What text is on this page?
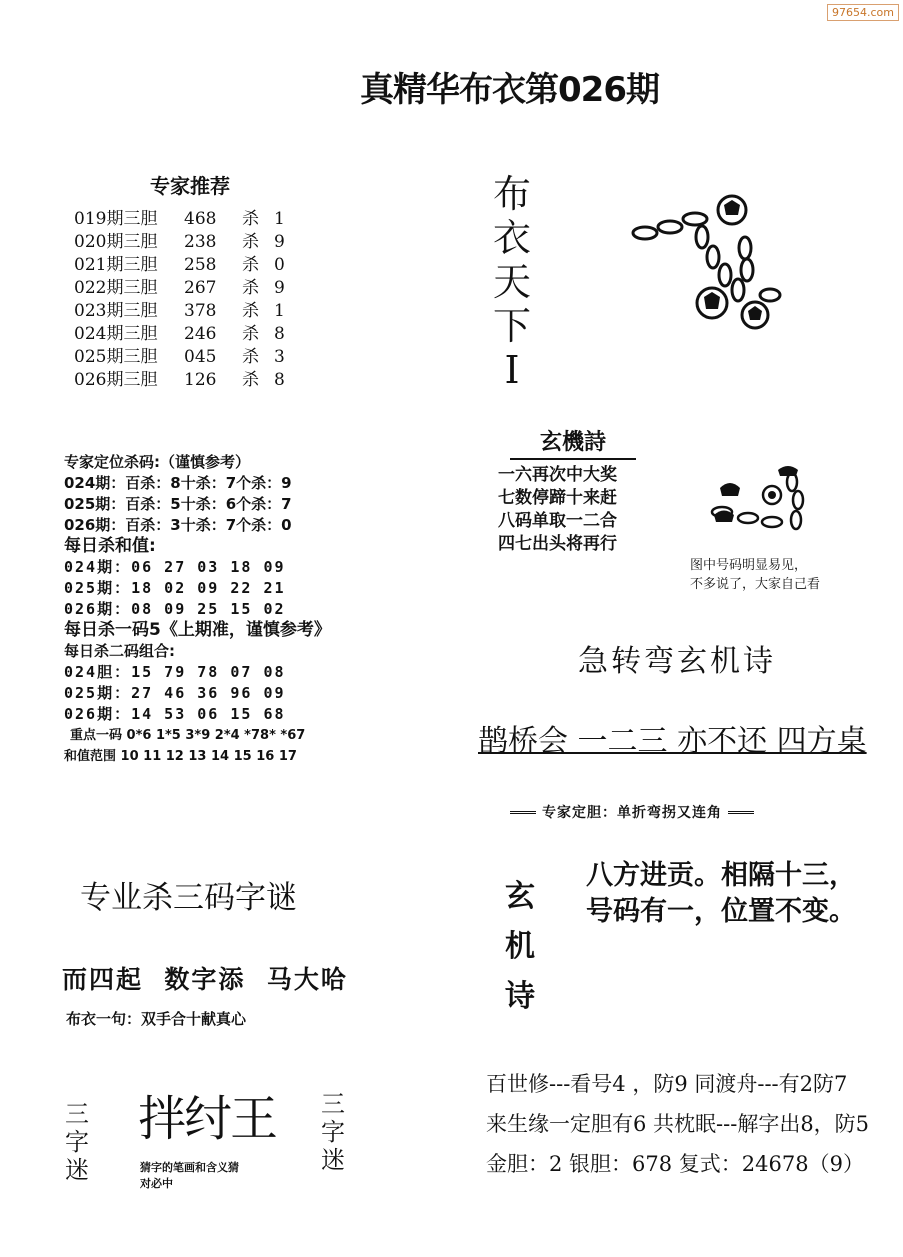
97654.com
真精华布衣第026期
专家推荐
019期三胆 468 杀 1
020期三胆 238 杀 9
021期三胆 258 杀 0
022期三胆 267 杀 9
023期三胆 378 杀 1
024期三胆 246 杀 8
025期三胆 045 杀 3
026期三胆 126 杀 8
专家定位杀码:（谨慎参考）
024期：百杀：8十杀：7个杀：9
025期：百杀：5十杀：6个杀：7
026期：百杀：3十杀：7个杀：0
每日杀和值:
024期：06 27 03 18 09
025期：18 02 09 22 21
026期：08 09 25 15 02
每日杀一码5《上期准，谨慎参考》
每日杀二码组合:
024胆：15 79 78 07 08
025期：27 46 36 96 09
026期：14 53 06 15 68
重点一码 0*6 1*5 3*9 2*4 *78* *67
和值范围 10 11 12 13 14 15 16 17
布
衣
天
下
I
玄機詩
一六再次中大奖
七数停蹄十来赶
八码单取一二合
四七出头将再行
图中号码明显易见，
不多说了，大家自己看
急转弯玄机诗
鹊桥会 一二三 亦不还 四方桌
专家定胆：单折弯拐又连角
玄
机
诗
八方进贡。相隔十三，
号码有一，位置不变。
百世修---看号4 ，防9 同渡舟---有2防7
来生缘一定胆有6 共枕眠---解字出8，防5
金胆：2 银胆：678 复式：24678（9）
专业杀三码字谜
而四起  数字添  马大哈
布衣一句：双手合十献真心
三
字
迷
拌纣王
猜字的笔画和含义猜
对必中
三
字
迷
